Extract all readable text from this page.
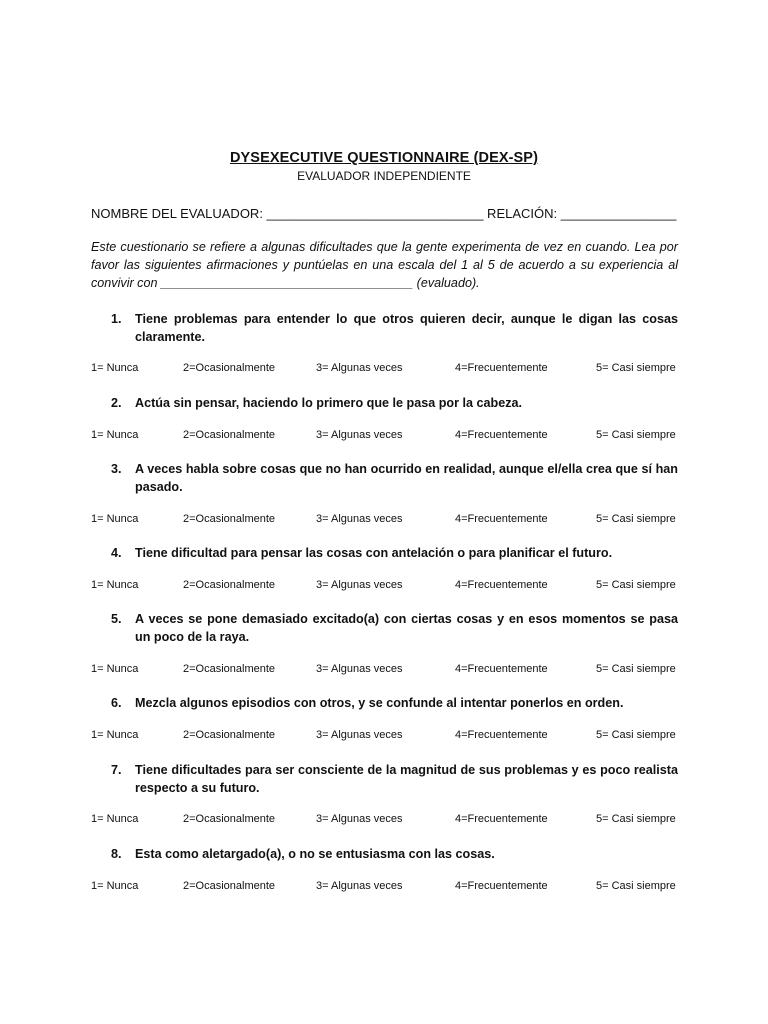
DYSEXECUTIVE QUESTIONNAIRE (DEX-SP)
EVALUADOR INDEPENDIENTE
NOMBRE DEL EVALUADOR: ______________________________ RELACIÓN: ________________
Este cuestionario se refiere a algunas dificultades que la gente experimenta de vez en cuando. Lea por favor las siguientes afirmaciones y puntúelas en una escala del 1 al 5 de acuerdo a su experiencia al convivir con ____________________________________ (evaluado).
1. Tiene problemas para entender lo que otros quieren decir, aunque le digan las cosas claramente.
1= Nunca	2=Ocasionalmente	3= Algunas veces	4=Frecuentemente	5= Casi siempre
2. Actúa sin pensar, haciendo lo primero que le pasa por la cabeza.
1= Nunca	2=Ocasionalmente	3= Algunas veces	4=Frecuentemente	5= Casi siempre
3. A veces habla sobre cosas que no han ocurrido en realidad, aunque el/ella crea que sí han pasado.
1= Nunca	2=Ocasionalmente	3= Algunas veces	4=Frecuentemente	5= Casi siempre
4. Tiene dificultad para pensar las cosas con antelación o para planificar el futuro.
1= Nunca	2=Ocasionalmente	3= Algunas veces	4=Frecuentemente	5= Casi siempre
5. A veces se pone demasiado excitado(a) con ciertas cosas y en esos momentos se pasa un poco de la raya.
1= Nunca	2=Ocasionalmente	3= Algunas veces	4=Frecuentemente	5= Casi siempre
6. Mezcla algunos episodios con otros, y se confunde al intentar ponerlos en orden.
1= Nunca	2=Ocasionalmente	3= Algunas veces	4=Frecuentemente	5= Casi siempre
7. Tiene dificultades para ser consciente de la magnitud de sus problemas y es poco realista respecto a su futuro.
1= Nunca	2=Ocasionalmente	3= Algunas veces	4=Frecuentemente	5= Casi siempre
8. Esta como aletargado(a), o no se entusiasma con las cosas.
1= Nunca	2=Ocasionalmente	3= Algunas veces	4=Frecuentemente	5= Casi siempre
